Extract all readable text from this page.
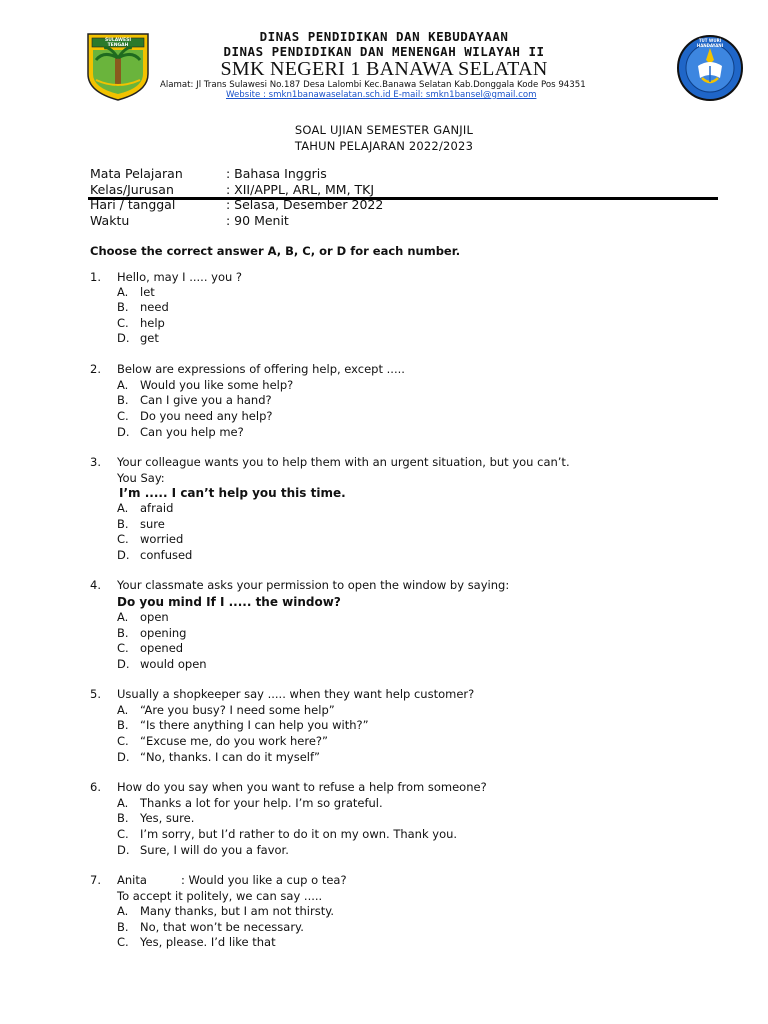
SULAWESI TENGAH
TUT WURI HANDAYANI
DINAS PENDIDIKAN DAN KEBUDAYAAN
DINAS PENDIDIKAN DAN MENENGAH WILAYAH II
SMK NEGERI 1 BANAWA SELATAN
Alamat: Jl Trans Sulawesi No.187 Desa Lalombi Kec.Banawa Selatan Kab.Donggala Kode Pos 94351
Website : smkn1banawaselatan.sch.id E-mail: smkn1bansel@gmail.com
SOAL UJIAN SEMESTER GANJIL
TAHUN PELAJARAN 2022/2023
Mata Pelajaran	: Bahasa Inggris
Kelas/Jurusan	: XII/APPL, ARL, MM, TKJ
Hari / tanggal	: Selasa, Desember 2022
Waktu	: 90 Menit
Choose the correct answer A, B, C, or D for each number.
1. Hello, may I ..... you ?
A. let
B. need
C. help
D. get
2. Below are expressions of offering help, except .....
A. Would you like some help?
B. Can I give you a hand?
C. Do you need any help?
D. Can you help me?
3. Your colleague wants you to help them with an urgent situation, but you can’t.
You Say:
I’m ..... I can’t help you this time.
A. afraid
B. sure
C. worried
D. confused
4. Your classmate asks your permission to open the window by saying:
Do you mind If I ..... the window?
A. open
B. opening
C. opened
D. would open
5. Usually a shopkeeper say ..... when they want help customer?
A. “Are you busy? I need some help”
B. “Is there anything I can help you with?”
C. “Excuse me, do you work here?”
D. “No, thanks. I can do it myself”
6. How do you say when you want to refuse a help from someone?
A. Thanks a lot for your help. I’m so grateful.
B. Yes, sure.
C. I’m sorry, but I’d rather to do it on my own. Thank you.
D. Sure, I will do you a favor.
7. Anita	: Would you like a cup o tea?
To accept it politely, we can say .....
A. Many thanks, but I am not thirsty.
B. No, that won’t be necessary.
C. Yes, please. I’d like that
